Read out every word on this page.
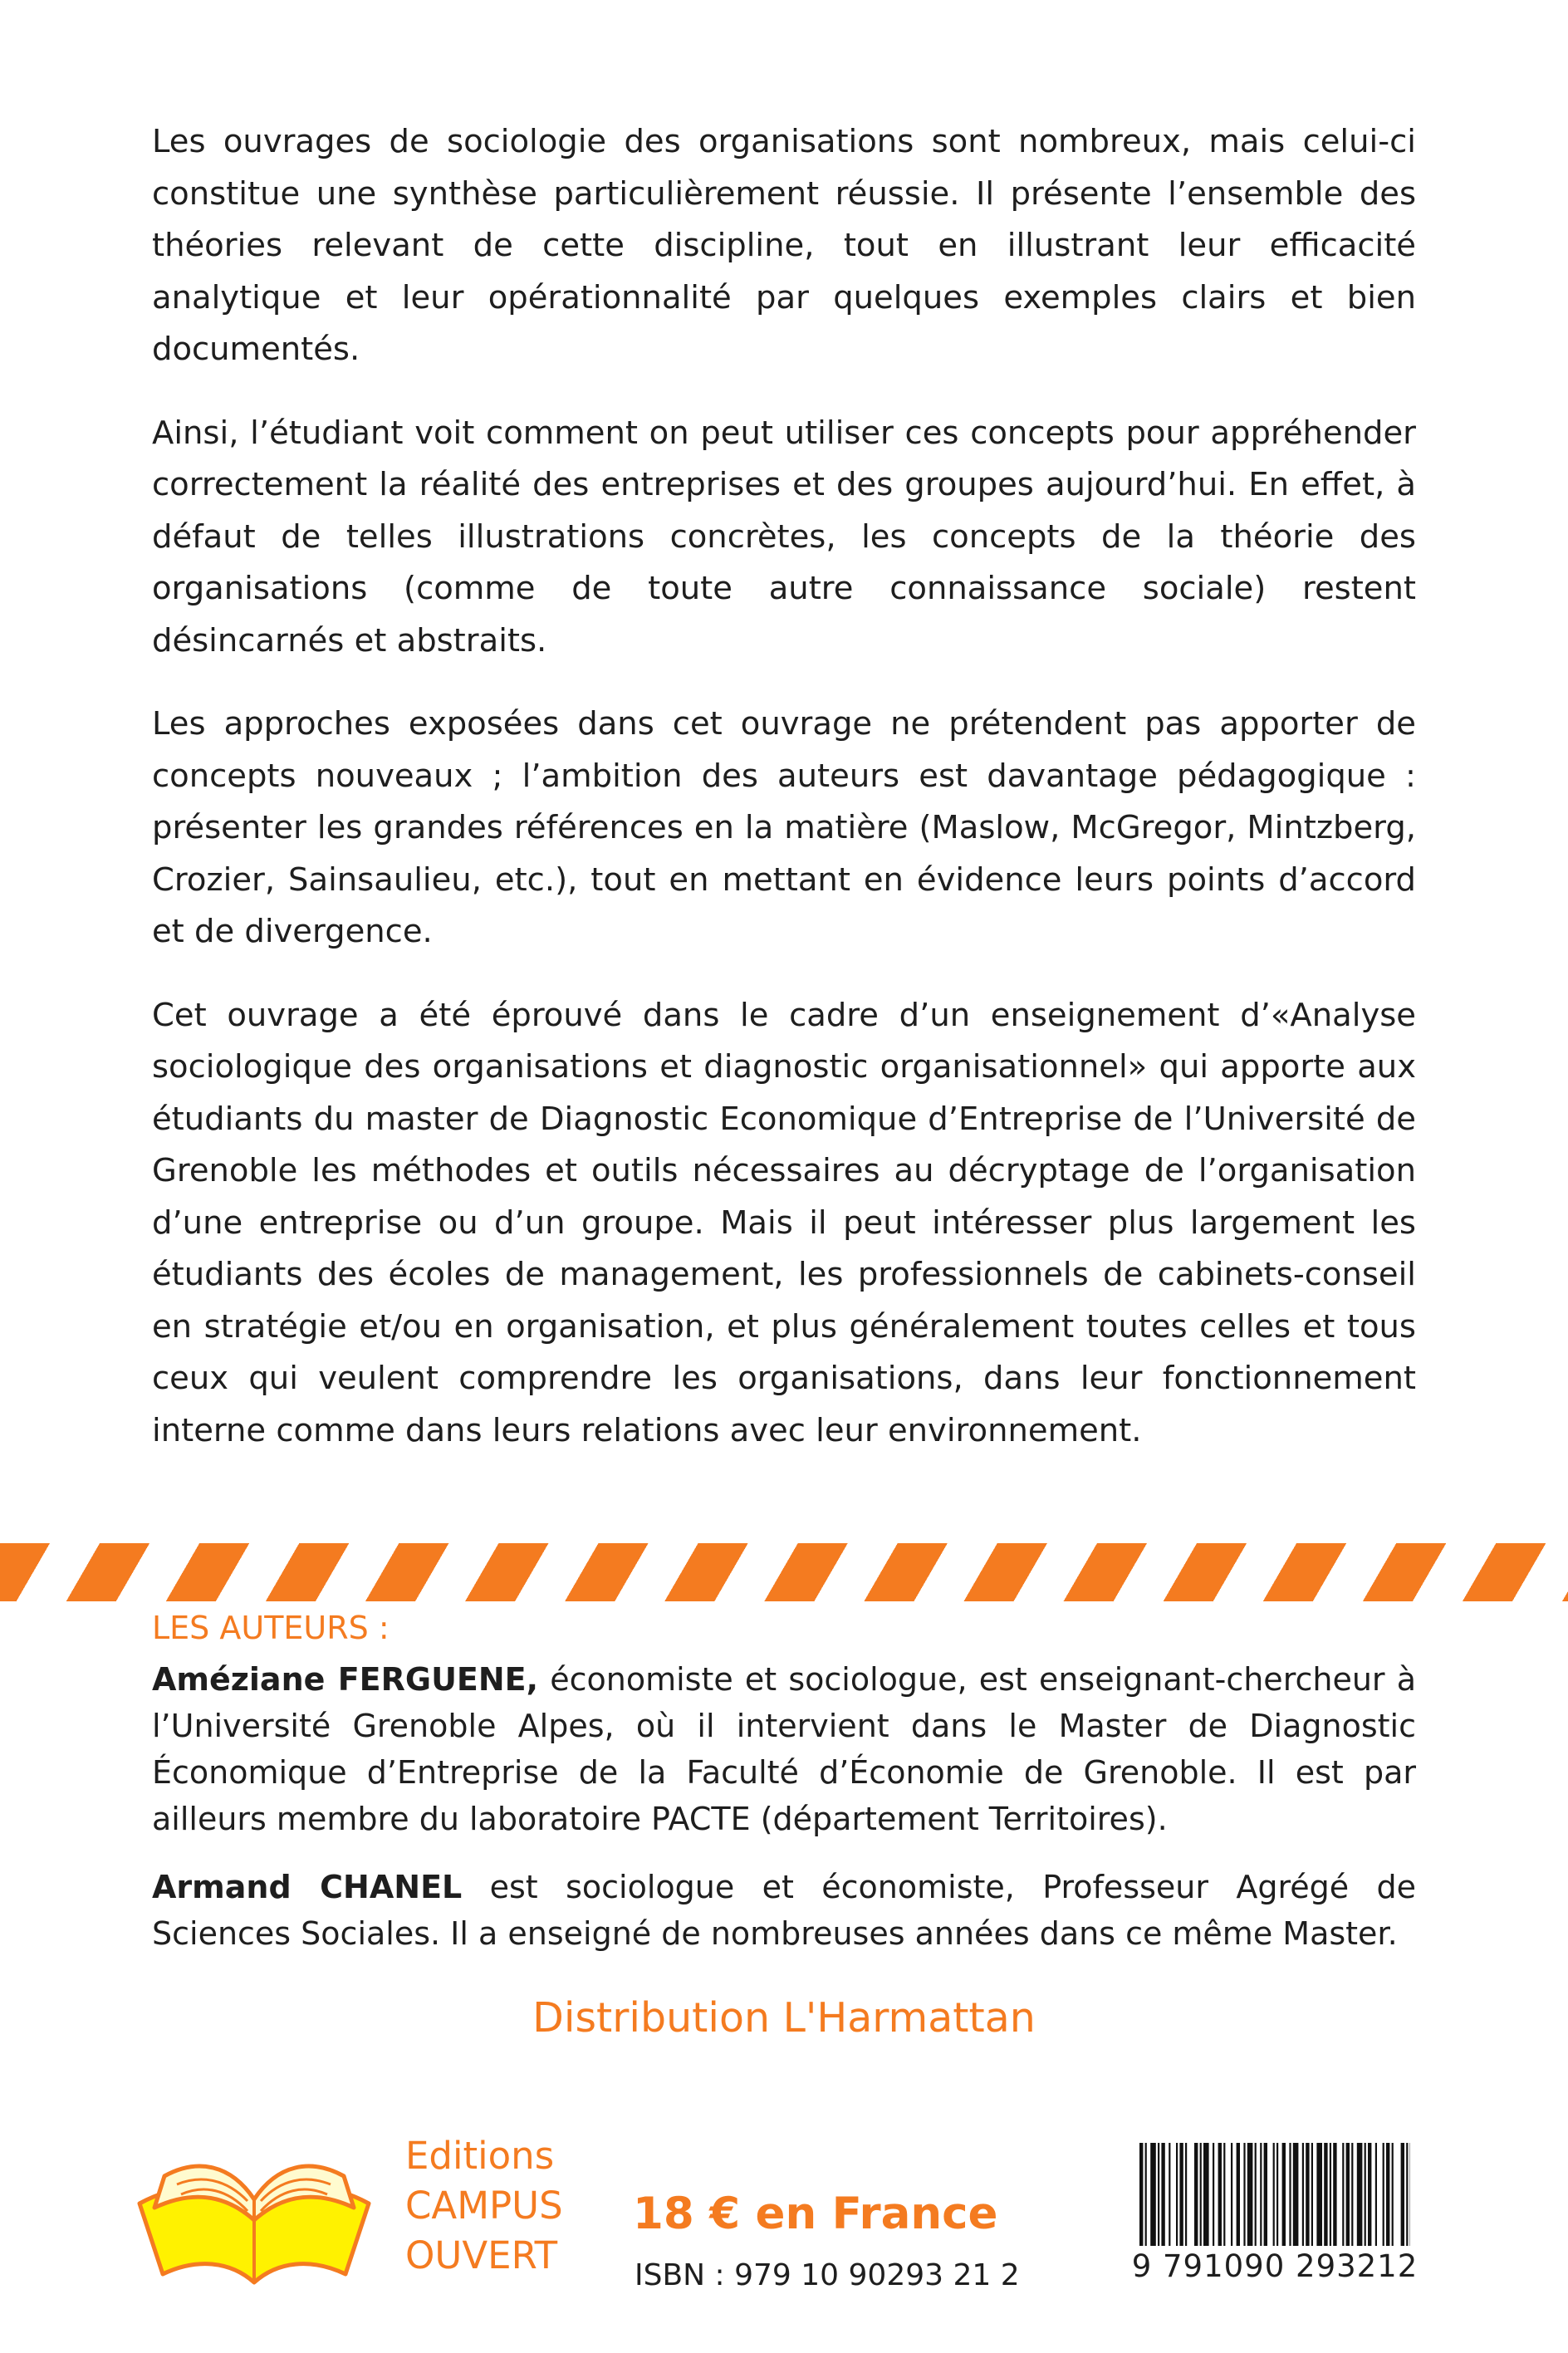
Les ouvrages de sociologie des organisations sont nombreux, mais celui-ci constitue une synthèse particulièrement réussie. Il présente l’ensemble des théories relevant de cette discipline, tout en illustrant leur efficacité analytique et leur opérationnalité par quelques exemples clairs et bien documentés.

Ainsi, l’étudiant voit comment on peut utiliser ces concepts pour appréhender correctement la réalité des entreprises et des groupes aujourd’hui. En effet, à défaut de telles illustrations concrètes, les concepts de la théorie des organisations (comme de toute autre connaissance sociale) restent désincarnés et abstraits.

Les approches exposées dans cet ouvrage ne prétendent pas apporter de concepts nouveaux ; l’ambition des auteurs est davantage pédagogique : présenter les grandes références en la matière (Maslow, McGregor, Mintzberg, Crozier, Sainsaulieu, etc.), tout en mettant en évidence leurs points d’accord et de divergence.

Cet ouvrage a été éprouvé dans le cadre d’un enseignement d’«Analyse sociologique des organisations et diagnostic organisationnel» qui apporte aux étudiants du master de Diagnostic Economique d’Entreprise de l’Université de Grenoble les méthodes et outils nécessaires au décryptage de l’organisation d’une entreprise ou d’un groupe. Mais il peut intéresser plus largement les étudiants des écoles de management, les professionnels de cabinets-conseil en stratégie et/ou en organisation, et plus généralement toutes celles et tous ceux qui veulent comprendre les organisations, dans leur fonctionnement interne comme dans leurs relations avec leur environnement.

LES AUTEURS :

Améziane FERGUENE, économiste et sociologue, est enseignant-chercheur à l’Université Grenoble Alpes, où il intervient dans le Master de Diagnostic Économique d’Entreprise de la Faculté d’Économie de Grenoble. Il est par ailleurs membre du laboratoire PACTE (département Territoires).

Armand CHANEL est sociologue et économiste, Professeur Agrégé de Sciences Sociales. Il a enseigné de nombreuses années dans ce même Master.

Distribution L'Harmattan
Editions
CAMPUS
OUVERT
18 € en France
ISBN : 979 10 90293 21 2	9 791090 293212
